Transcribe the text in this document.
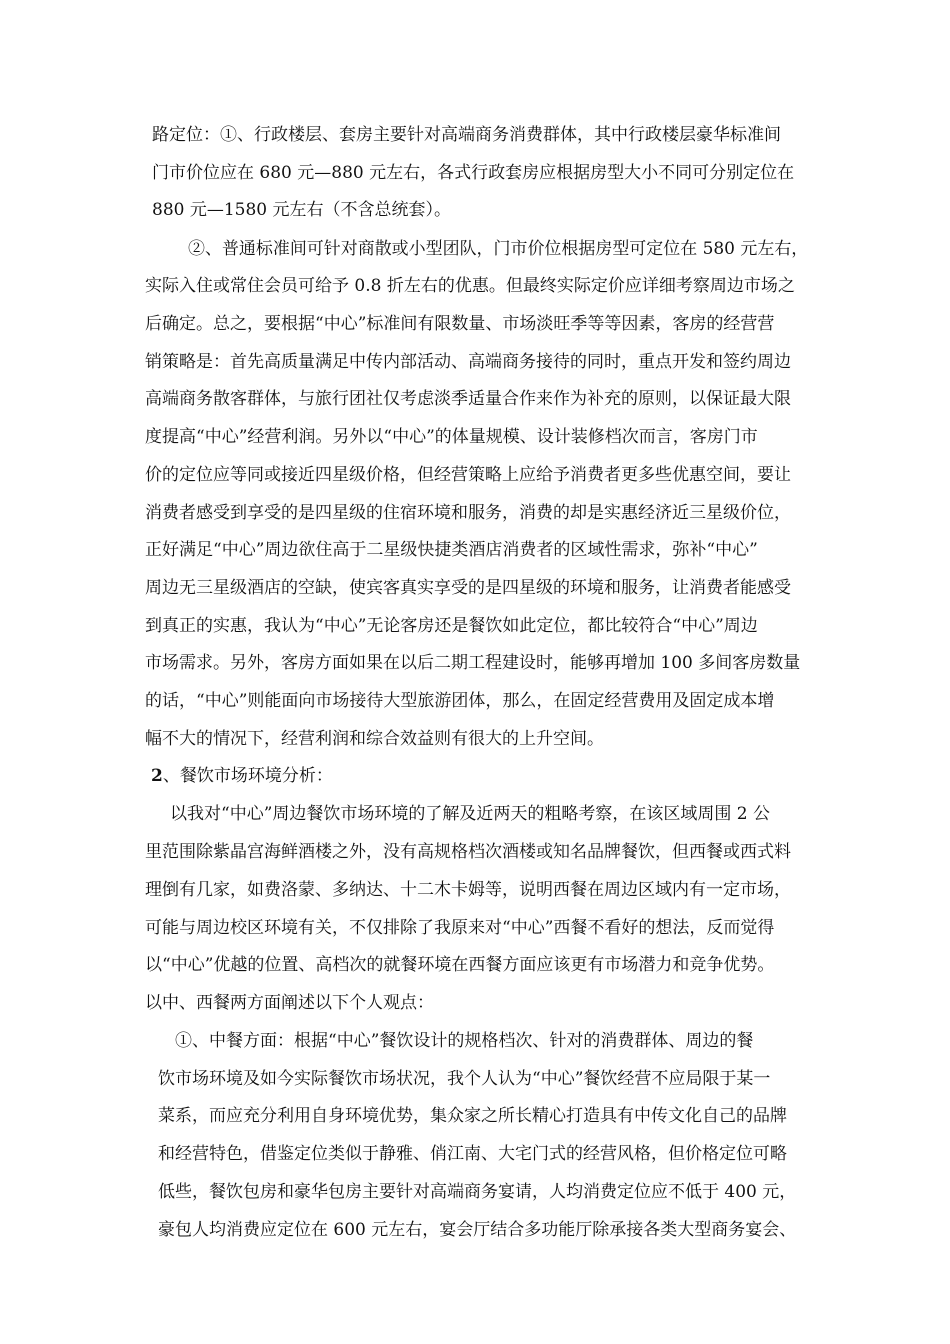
路定位：①、行政楼层、套房主要针对高端商务消费群体，其中行政楼层豪华标准间
门市价位应在 680 元—880 元左右，各式行政套房应根据房型大小不同可分别定位在
880 元—1580 元左右（不含总统套）。
②、普通标准间可针对商散或小型团队，门市价位根据房型可定位在 580 元左右，
实际入住或常住会员可给予 0.8 折左右的优惠。但最终实际定价应详细考察周边市场之
后确定。总之，要根据“中心”标准间有限数量、市场淡旺季等等因素，客房的经营营
销策略是：首先高质量满足中传内部活动、高端商务接待的同时，重点开发和签约周边
高端商务散客群体，与旅行团社仅考虑淡季适量合作来作为补充的原则，以保证最大限
度提高“中心”经营利润。另外以“中心”的体量规模、设计装修档次而言，客房门市
价的定位应等同或接近四星级价格，但经营策略上应给予消费者更多些优惠空间，要让
消费者感受到享受的是四星级的住宿环境和服务，消费的却是实惠经济近三星级价位，
正好满足“中心”周边欲住高于二星级快捷类酒店消费者的区域性需求，弥补“中心”
周边无三星级酒店的空缺，使宾客真实享受的是四星级的环境和服务，让消费者能感受
到真正的实惠，我认为“中心”无论客房还是餐饮如此定位，都比较符合“中心”周边
市场需求。另外，客房方面如果在以后二期工程建设时，能够再增加 100 多间客房数量
的话，“中心”则能面向市场接待大型旅游团体，那么，在固定经营费用及固定成本增
幅不大的情况下，经营利润和综合效益则有很大的上升空间。
2、餐饮市场环境分析：
以我对“中心”周边餐饮市场环境的了解及近两天的粗略考察，在该区域周围 2 公
里范围除紫晶宫海鲜酒楼之外，没有高规格档次酒楼或知名品牌餐饮，但西餐或西式料
理倒有几家，如费洛蒙、多纳达、十二木卡姆等，说明西餐在周边区域内有一定市场，
可能与周边校区环境有关，不仅排除了我原来对“中心”西餐不看好的想法，反而觉得
以“中心”优越的位置、高档次的就餐环境在西餐方面应该更有市场潜力和竞争优势。
以中、西餐两方面阐述以下个人观点：
①、中餐方面：根据“中心”餐饮设计的规格档次、针对的消费群体、周边的餐
饮市场环境及如今实际餐饮市场状况，我个人认为“中心”餐饮经营不应局限于某一
菜系，而应充分利用自身环境优势，集众家之所长精心打造具有中传文化自己的品牌
和经营特色，借鉴定位类似于静雅、俏江南、大宅门式的经营风格，但价格定位可略
低些，餐饮包房和豪华包房主要针对高端商务宴请，人均消费定位应不低于 400 元，
豪包人均消费应定位在 600 元左右，宴会厅结合多功能厅除承接各类大型商务宴会、
